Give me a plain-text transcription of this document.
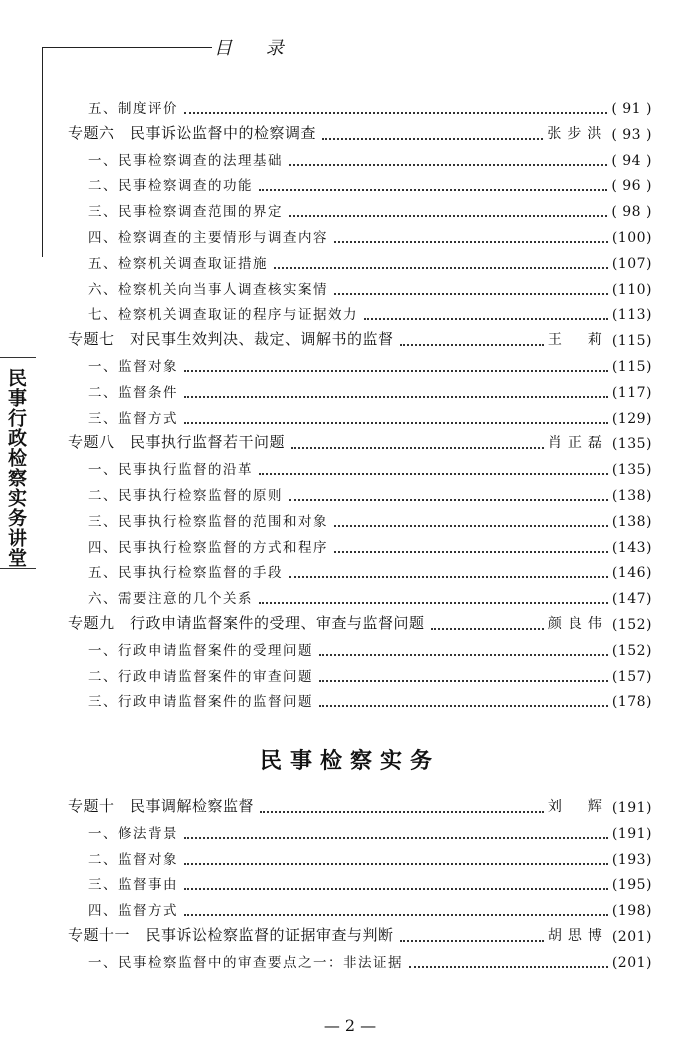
目 录
民事行政检察实务讲堂
五、制度评价	( 91 )
专题六　民事诉讼监督中的检察调查	张步洪 ( 93 )
一、民事检察调查的法理基础	( 94 )
二、民事检察调查的功能	( 96 )
三、民事检察调查范围的界定	( 98 )
四、检察调查的主要情形与调查内容	(100)
五、检察机关调查取证措施	(107)
六、检察机关向当事人调查核实案情	(110)
七、检察机关调查取证的程序与证据效力	(113)
专题七　对民事生效判决、裁定、调解书的监督	王　莉 (115)
一、监督对象	(115)
二、监督条件	(117)
三、监督方式	(129)
专题八　民事执行监督若干问题	肖正磊 (135)
一、民事执行监督的沿革	(135)
二、民事执行检察监督的原则	(138)
三、民事执行检察监督的范围和对象	(138)
四、民事执行检察监督的方式和程序	(143)
五、民事执行检察监督的手段	(146)
六、需要注意的几个关系	(147)
专题九　行政申请监督案件的受理、审查与监督问题	颜良伟 (152)
一、行政申请监督案件的受理问题	(152)
二、行政申请监督案件的审查问题	(157)
三、行政申请监督案件的监督问题	(178)
专题十　民事调解检察监督	刘　辉 (191)
一、修法背景	(191)
二、监督对象	(193)
三、监督事由	(195)
四、监督方式	(198)
专题十一　民事诉讼检察监督的证据审查与判断	胡思博 (201)
一、民事检察监督中的审查要点之一：非法证据	(201)
民事检察实务
— 2 —
